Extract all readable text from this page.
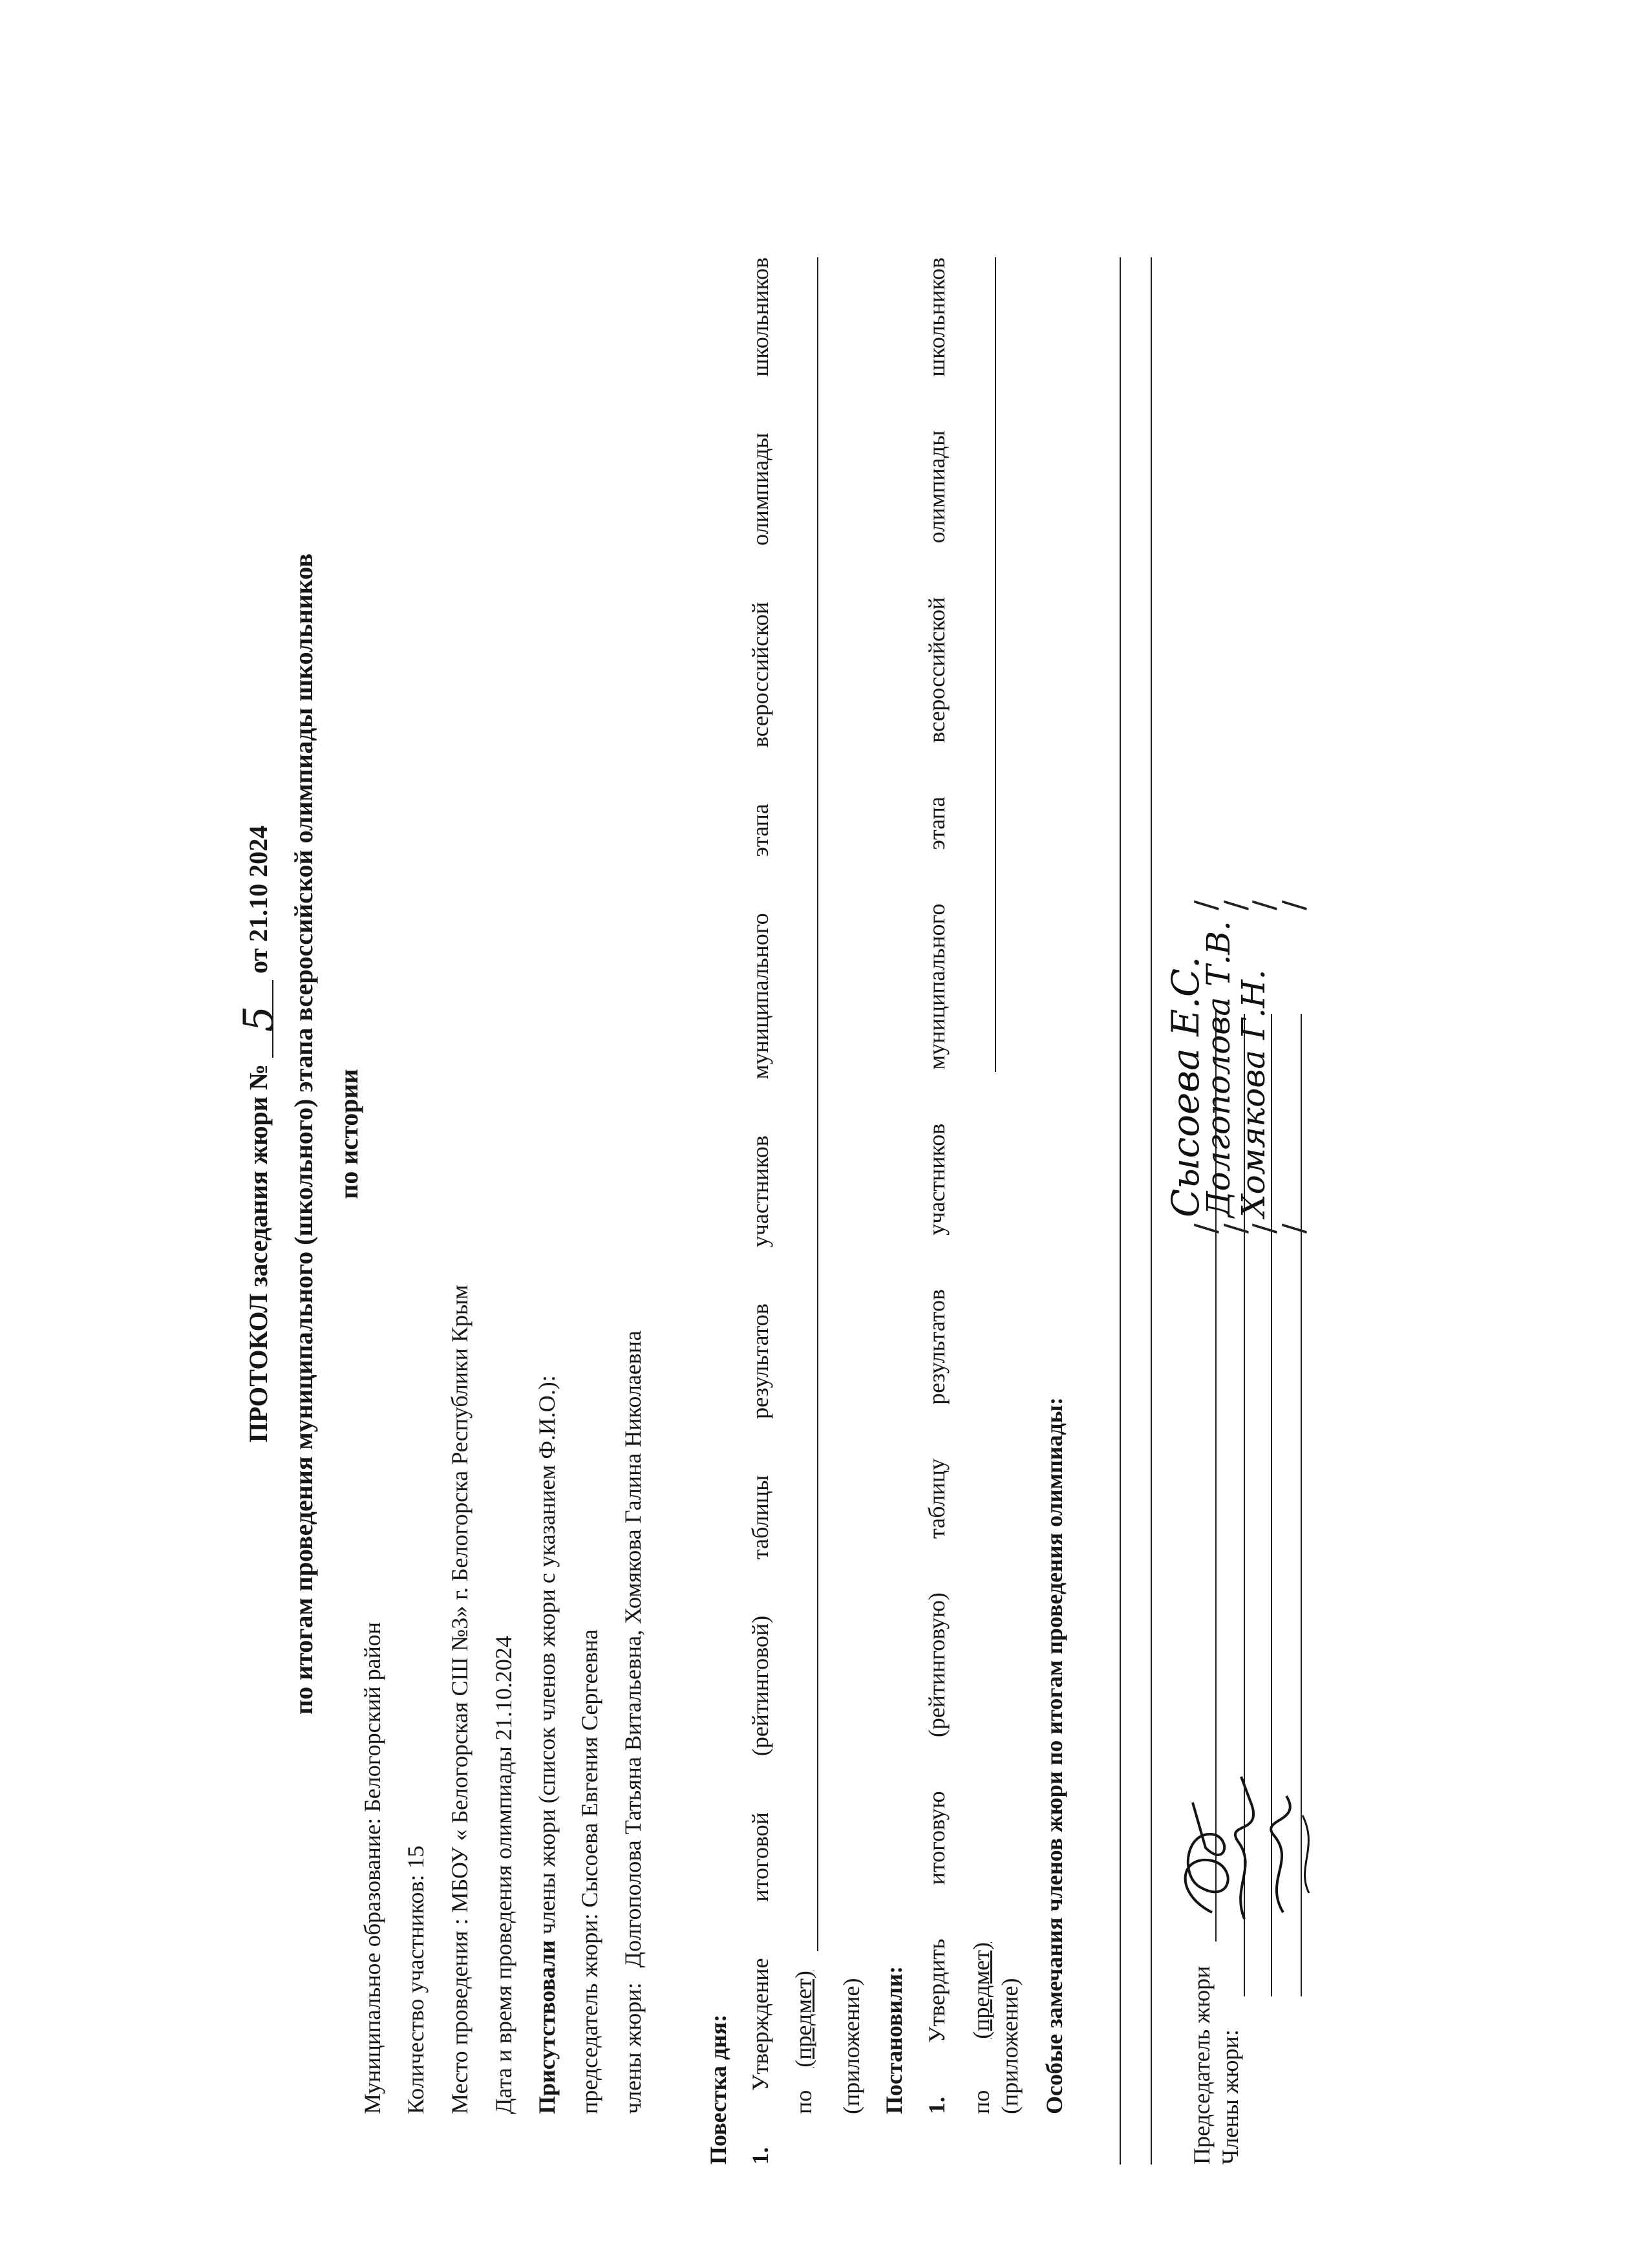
ПРОТОКОЛ заседания жюри № 5 от 21.10 2024 по итогам проведения муниципального (школьного) этапа всероссийской олимпиады школьников по истории
Муниципальное образование: Белогорский район
Количество участников: 15
Место проведения : МБОУ « Белогорская СШ №3» г. Белогорска Республики Крым
Дата и время проведения олимпиады 21.10.2024
Присутствовали члены жюри (список членов жюри с указанием Ф.И.О.):
председатель жюри: Сысоева Евгения Сергеевна
члены жюри: Долгополова Татьяна Витальевна, Хомякова Галина Николаевна
Повестка дня: 1.
Утверждение
итоговой
(рейтинговой)
таблицы
результатов
участников
муниципального
этапа
всероссийской
олимпиады
школьников
по (предмет) (приложение) Постановили: 1.
Утвердить
итоговую
(рейтинговую)
таблицу
результатов
участников
муниципального
этапа
всероссийской
олимпиады
школьников
по (предмет) (приложение) Особые замечания членов жюри по итогам проведения олимпиады:	Председатель жюри Члены жюри:
Сысоева Е.С.
Долгополова Т.В.
Хомякова Г.Н.
/
/
/
/
/
/
/
/
